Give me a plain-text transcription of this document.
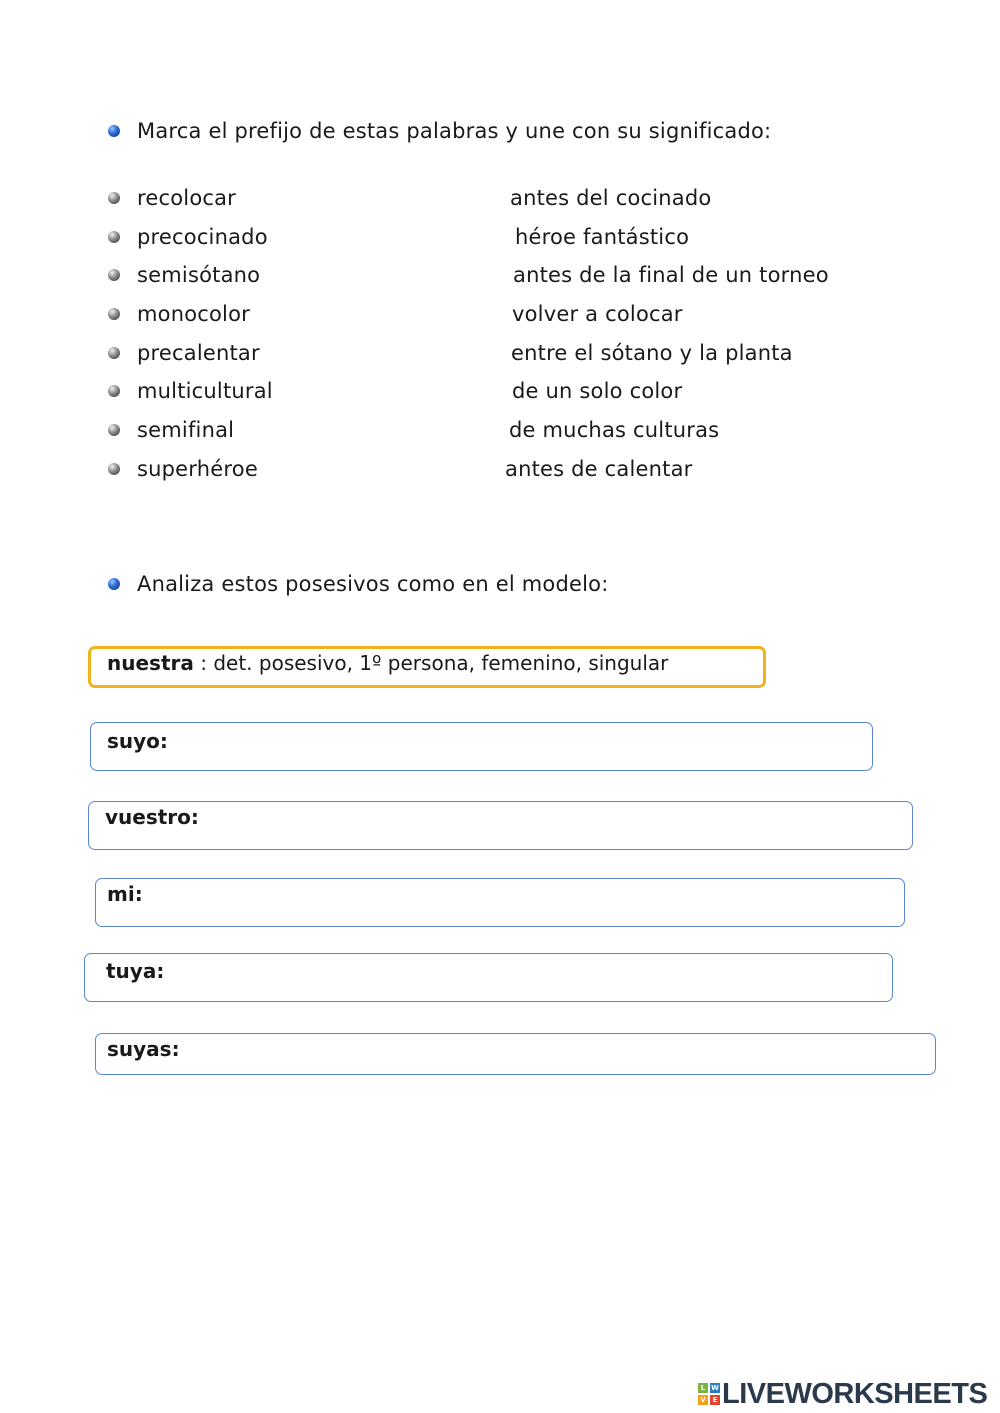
Marca el prefijo de estas palabras y une con su significado:
recolocar
precocinado
semisótano
monocolor
precalentar
multicultural
semifinal
superhéroe
antes del cocinado
héroe fantástico
antes de la final de un torneo
volver a colocar
entre el sótano y la planta
de un solo color
de muchas culturas
antes de calentar
Analiza estos posesivos como en el modelo:
nuestra : det. posesivo, 1º persona, femenino, singular
suyo:
vuestro:
mi:
tuya:
suyas:
L W
V E LIVEWORKSHEETS
